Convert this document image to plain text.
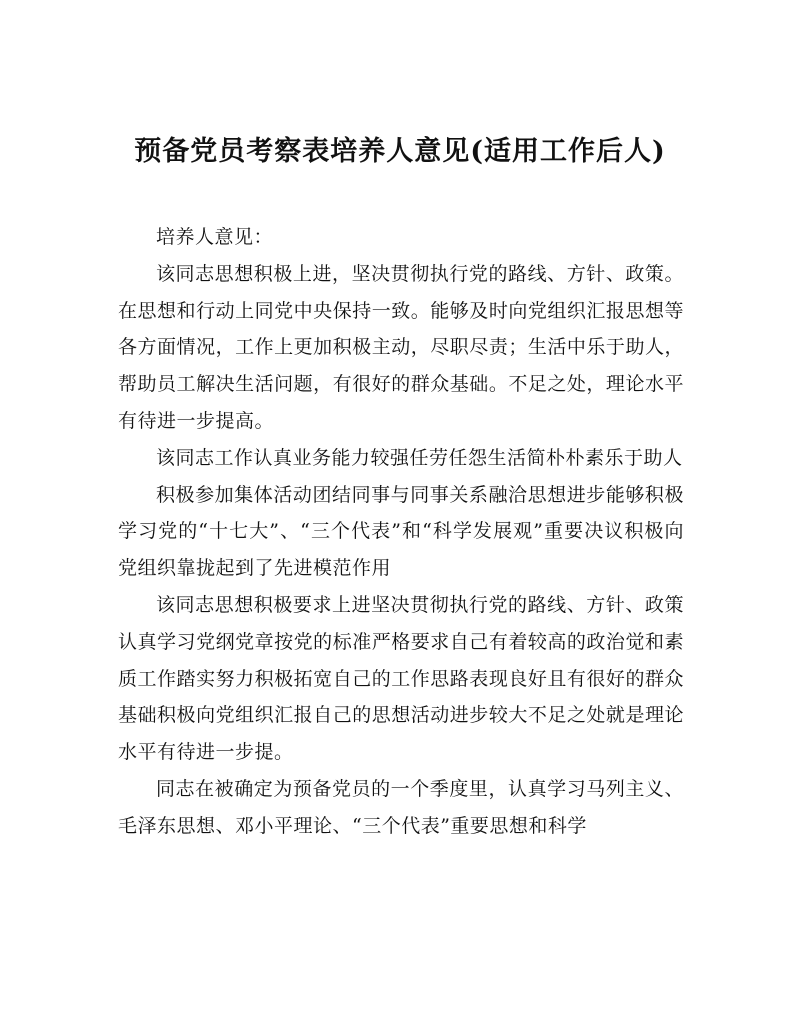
预备党员考察表培养人意见(适用工作后人)

培养人意见：

该同志思想积极上进，坚决贯彻执行党的路线、方针、政策。在思想和行动上同党中央保持一致。能够及时向党组织汇报思想等各方面情况，工作上更加积极主动，尽职尽责；生活中乐于助人，帮助员工解决生活问题，有很好的群众基础。不足之处，理论水平有待进一步提高。

该同志工作认真业务能力较强任劳任怨生活简朴朴素乐于助人

积极参加集体活动团结同事与同事关系融洽思想进步能够积极学习党的“十七大”、“三个代表”和“科学发展观”重要决议积极向党组织靠拢起到了先进模范作用

该同志思想积极要求上进坚决贯彻执行党的路线、方针、政策认真学习党纲党章按党的标准严格要求自己有着较高的政治觉和素质工作踏实努力积极拓宽自己的工作思路表现良好且有很好的群众基础积极向党组织汇报自己的思想活动进步较大不足之处就是理论水平有待进一步提。

同志在被确定为预备党员的一个季度里，认真学习马列主义、毛泽东思想、邓小平理论、“三个代表”重要思想和科学
